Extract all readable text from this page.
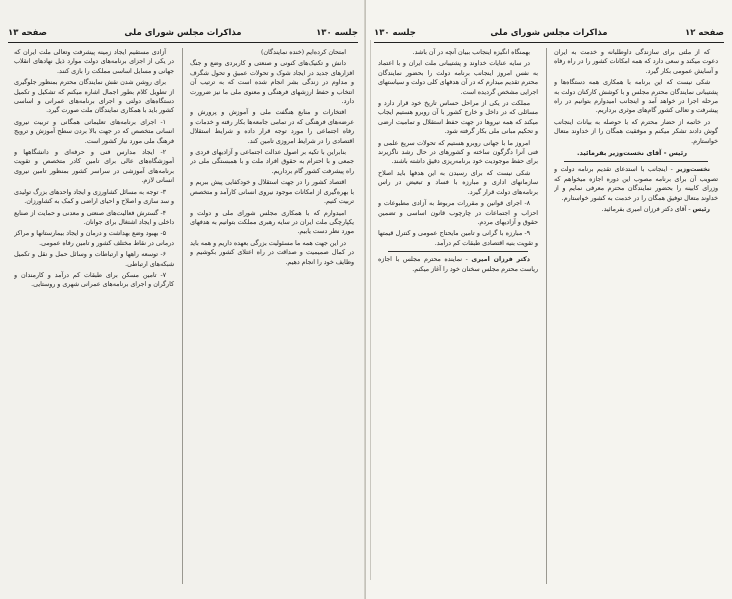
صفحه ۱۳	مذاکرات مجلس شورای ملی	جلسه ۱۳۰

آزادی مستقیم ایجاد زمینه پیشرفت وتعالی ملت ایران که در یکی از اجزای برنامه‌های دولت موارد ذیل نهادهای انقلاب جهانی و مسایل اساسی مملکت را بازی کنند.

برای روشن شدن نقش نمایندگان محترم بمنظور جلوگیری از تطویل کلام بطور اجمال اشاره میکنم که تشکیل و تکمیل دستگاه‌های دولتی و اجرای برنامه‌های عمرانی و اساسی کشور باید با همکاری نمایندگان ملت صورت گیرد.

۱- اجرای برنامه‌های تعلیماتی همگانی و تربیت نیروی انسانی متخصص که در جهت بالا بردن سطح آموزش و ترویج فرهنگ ملی مورد نیاز کشور است.

۲- ایجاد مدارس فنی و حرفه‌ای و دانشگاهها و آموزشگاه‌های عالی برای تامین کادر متخصص و تقویت برنامه‌های آموزشی در سراسر کشور بمنظور تامین نیروی انسانی لازم.

۳- توجه به مسائل کشاورزی و ایجاد واحدهای بزرگ تولیدی و سد سازی و اصلاح و احیای اراضی و کمک به کشاورزان.

۴- گسترش فعالیت‌های صنعتی و معدنی و حمایت از صنایع داخلی و ایجاد اشتغال برای جوانان.

۵- بهبود وضع بهداشت و درمان و ایجاد بیمارستانها و مراکز درمانی در نقاط مختلف کشور و تامین رفاه عمومی.

۶- توسعه راهها و ارتباطات و وسائل حمل و نقل و تکمیل شبکه‌های ارتباطی.

۷- تامین مسکن برای طبقات کم درآمد و کارمندان و کارگران و اجرای برنامه‌های عمرانی شهری و روستایی.

امتحان کرده‌ایم (خنده نمایندگان)

دانش و تکنیک‌های کنونی و صنعتی و کاربردی وضع و جنگ افزارهای جدید در ایجاد شوک و تحولات عمیق و تحول شگرف و مداوم در زندگی بشر انجام شده است که به ترتیب آن انتخاب و حفظ ارزشهای فرهنگی و معنوی ملی ما نیز ضرورت دارد.

افتخارات و منابع هنگفت ملی و آموزش و پرورش و عرضه‌های فرهنگی که در تمامی جامعه‌ها بکار رفته و خدمات و رفاه اجتماعی را مورد توجه قرار داده و شرایط استقلال اقتصادی را در شرایط امروزی تامین کند.

بنابراین با تکیه بر اصول عدالت اجتماعی و آزادیهای فردی و جمعی و با احترام به حقوق افراد ملت و با همبستگی ملی در راه پیشرفت کشور گام برداریم.

اقتصاد کشور را در جهت استقلال و خودکفایی پیش ببریم و با بهره‌گیری از امکانات موجود نیروی انسانی کارآمد و متخصص تربیت کنیم.

امیدوارم که با همکاری مجلس شورای ملی و دولت و یکپارچگی ملت ایران در سایه رهبری مملکت بتوانیم به هدفهای مورد نظر دست یابیم.

در این جهت همه ما مسئولیت بزرگی بعهده داریم و همه باید در کمال صمیمیت و صداقت در راه اعتلای کشور بکوشیم و وظایف خود را انجام دهیم.

صفحه ۱۲
مذاکرات مجلس شورای ملی
جلسه ۱۳۰

بهمنگاه انگیزه اینجانب ببیان آنچه در آن باشد.

در سایه عنایات خداوند و پشتیبانی ملت ایران و با اعتماد به نفس امروز اینجانب برنامه دولت را بحضور نمایندگان محترم تقدیم میدارم که در آن هدفهای کلی دولت و سیاستهای اجرایی مشخص گردیده است.

مملکت در یکی از مراحل حساس تاریخ خود قرار دارد و مسائلی که در داخل و خارج کشور با آن روبرو هستیم ایجاب میکند که همه نیروها در جهت حفظ استقلال و تمامیت ارضی و تحکیم مبانی ملی بکار گرفته شود.

امروز ما با جهانی روبرو هستیم که تحولات سریع علمی و فنی آنرا دگرگون ساخته و کشورهای در حال رشد ناگزیرند برای حفظ موجودیت خود برنامه‌ریزی دقیق داشته باشند.

شکی نیست که برای رسیدن به این هدفها باید اصلاح سازمانهای اداری و مبارزه با فساد و تبعیض در راس برنامه‌های دولت قرار گیرد.

۸- اجرای قوانین و مقررات مربوط به آزادی مطبوعات و احزاب و اجتماعات در چارچوب قانون اساسی و تضمین حقوق و آزادیهای مردم.

۹- مبارزه با گرانی و تامین مایحتاج عمومی و کنترل قیمتها و تقویت بنیه اقتصادی طبقات کم درآمد.

دکتر فرزان امیری - نماینده محترم مجلس با اجازه ریاست محترم مجلس سخنان خود را آغاز میکنم.

که از ملتی برای سازندگی داوطلبانه و خدمت به ایران دعوت میکند و سعی دارد که همه امکانات کشور را در راه رفاه و آسایش عمومی بکار گیرد.

شکی نیست که این برنامه با همکاری همه دستگاه‌ها و پشتیبانی نمایندگان محترم مجلس و با کوشش کارکنان دولت به مرحله اجرا در خواهد آمد و اینجانب امیدوارم بتوانیم در راه پیشرفت و تعالی کشور گام‌های موثری برداریم.

در خاتمه از حضار محترم که با حوصله به بیانات اینجانب گوش دادند تشکر میکنم و موفقیت همگان را از خداوند متعال خواستارم.

رئیس - آقای نخست‌وزیر بفرمائید.

نخست‌وزیر - اینجانب با استدعای تقدیم برنامه دولت و تصویب آن برای برنامه مصوب این دوره اجازه میخواهم که وزرای کابینه را بحضور نمایندگان محترم معرفی نمایم و از خداوند متعال توفیق همگان را در خدمت به کشور خواستارم.

رئیس - آقای دکتر فرزان امیری بفرمائید.
